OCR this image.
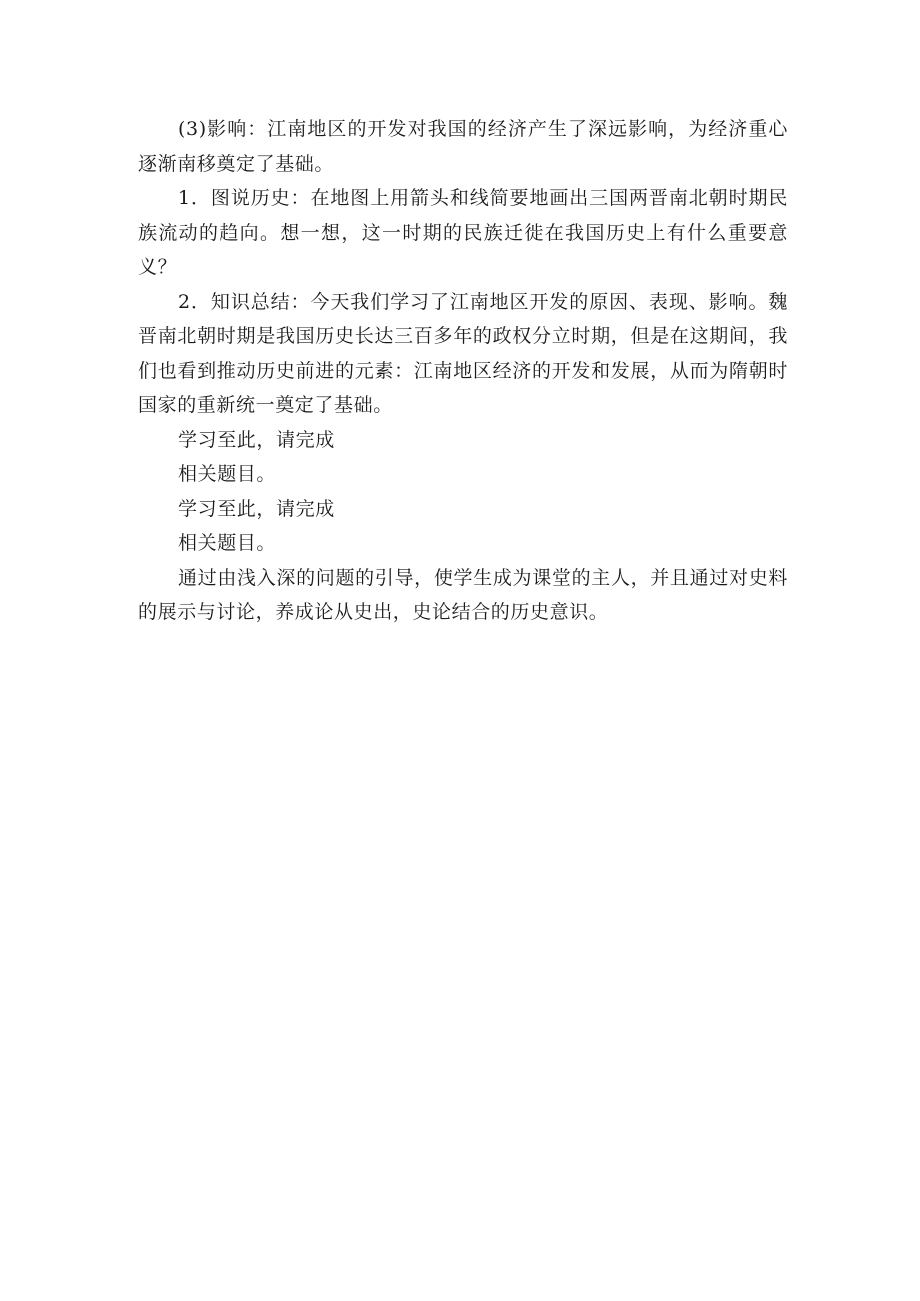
(3)影响：江南地区的开发对我国的经济产生了深远影响，为经济重心逐渐南移奠定了基础。

1．图说历史：在地图上用箭头和线简要地画出三国两晋南北朝时期民族流动的趋向。想一想，这一时期的民族迁徙在我国历史上有什么重要意义？

2．知识总结：今天我们学习了江南地区开发的原因、表现、影响。魏晋南北朝时期是我国历史长达三百多年的政权分立时期，但是在这期间，我们也看到推动历史前进的元素：江南地区经济的开发和发展，从而为隋朝时国家的重新统一奠定了基础。

学习至此，请完成

相关题目。

学习至此，请完成

相关题目。

通过由浅入深的问题的引导，使学生成为课堂的主人，并且通过对史料的展示与讨论，养成论从史出，史论结合的历史意识。
